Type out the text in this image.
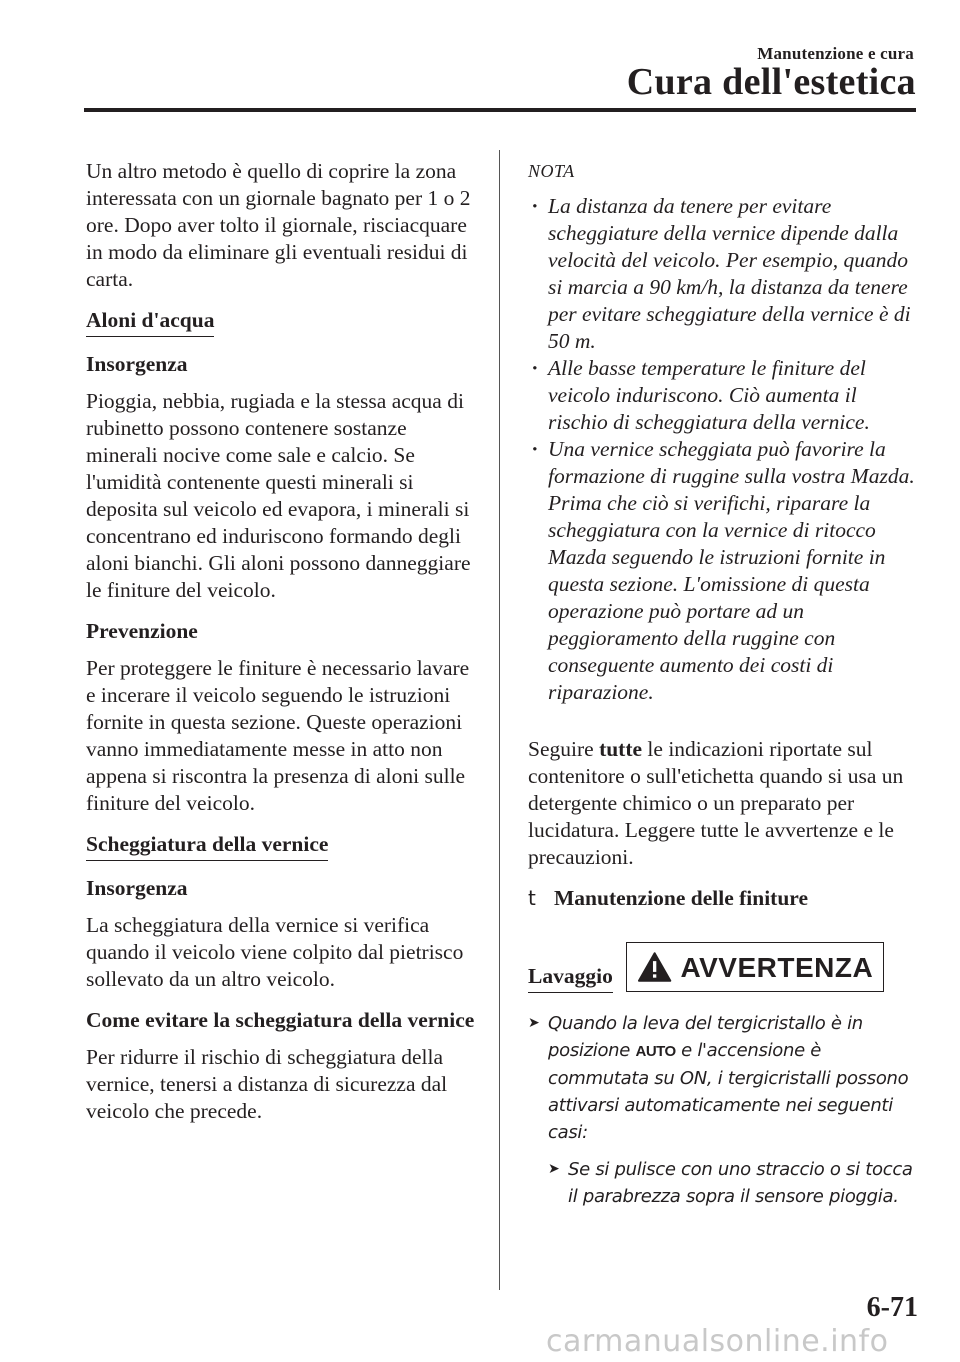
Manutenzione e cura
Cura dell'estetica

Un altro metodo è quello di coprire la zona interessata con un giornale bagnato per 1 o 2 ore. Dopo aver tolto il giornale, risciacquare in modo da eliminare gli eventuali residui di carta.

Aloni d'acqua

Insorgenza

Pioggia, nebbia, rugiada e la stessa acqua di rubinetto possono contenere sostanze minerali nocive come sale e calcio. Se l'umidità contenente questi minerali si deposita sul veicolo ed evapora, i minerali si concentrano ed induriscono formando degli aloni bianchi. Gli aloni possono danneggiare le finiture del veicolo.

Prevenzione

Per proteggere le finiture è necessario lavare e incerare il veicolo seguendo le istruzioni fornite in questa sezione. Queste operazioni vanno immediatamente messe in atto non appena si riscontra la presenza di aloni sulle finiture del veicolo.

Scheggiatura della vernice

Insorgenza

La scheggiatura della vernice si verifica quando il veicolo viene colpito dal pietrisco sollevato da un altro veicolo.

Come evitare la scheggiatura della vernice

Per ridurre il rischio di scheggiatura della vernice, tenersi a distanza di sicurezza dal veicolo che precede.

NOTA

· La distanza da tenere per evitare scheggiature della vernice dipende dalla velocità del veicolo. Per esempio, quando si marcia a 90 km/h, la distanza da tenere per evitare scheggiature della vernice è di 50 m.
· Alle basse temperature le finiture del veicolo induriscono. Ciò aumenta il rischio di scheggiatura della vernice.
· Una vernice scheggiata può favorire la formazione di ruggine sulla vostra Mazda. Prima che ciò si verifichi, riparare la scheggiatura con la vernice di ritocco Mazda seguendo le istruzioni fornite in questa sezione. L'omissione di questa operazione può portare ad un peggioramento della ruggine con conseguente aumento dei costi di riparazione.

Seguire tutte le indicazioni riportate sul contenitore o sull'etichetta quando si usa un detergente chimico o un preparato per lucidatura. Leggere tutte le avvertenze e le precauzioni.

t Manutenzione delle finiture
Lavaggio AVVERTENZA
➤ Quando la leva del tergicristallo è in posizione AUTO e l'accensione è commutata su ON, i tergicristalli possono attivarsi automaticamente nei seguenti casi:
➤ Se si pulisce con uno straccio o si tocca il parabrezza sopra il sensore pioggia.
6-71
carmanualsonline.info
